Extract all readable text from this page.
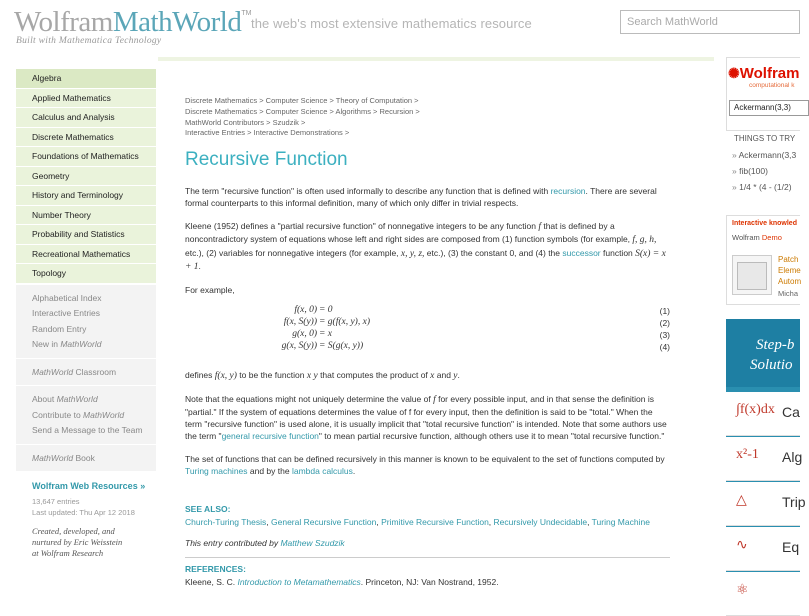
WolframMathWorld™
Built with Mathematica Technology
the web's most extensive mathematics resource	Search MathWorld
Algebra
Applied Mathematics
Calculus and Analysis
Discrete Mathematics
Foundations of Mathematics
Geometry
History and Terminology
Number Theory
Probability and Statistics
Recreational Mathematics
Topology
Alphabetical Index
Interactive Entries
Random Entry
New in MathWorld
MathWorld Classroom
About MathWorld
Contribute to MathWorld
Send a Message to the Team
MathWorld Book
Wolfram Web Resources »
13,647 entries
Last updated: Thu Apr 12 2018
Created, developed, and
nurtured by Eric Weisstein
at Wolfram Research
Discrete Mathematics > Computer Science > Theory of Computation >
Discrete Mathematics > Computer Science > Algorithms > Recursion >
MathWorld Contributors > Szudzik >
Interactive Entries > Interactive Demonstrations >
Recursive Function

The term "recursive function" is often used informally to describe any function that is defined with recursion. There are several formal counterparts to this informal definition, many of which only differ in trivial respects.

Kleene (1952) defines a "partial recursive function" of nonnegative integers to be any function f that is defined by a noncontradictory system of equations whose left and right sides are composed from (1) function symbols (for example, f, g, h, etc.), (2) variables for nonnegative integers (for example, x, y, z, etc.), (3) the constant 0, and (4) the successor function S(x) = x + 1.

For example,

f(x, 0) = 0	(1)
f(x, S(y)) = g(f(x, y), x)	(2)
g(x, 0) = x	(3)
g(x, S(y)) = S(g(x, y))	(4)

defines f(x, y) to be the function x y that computes the product of x and y.

Note that the equations might not uniquely determine the value of f for every possible input, and in that sense the definition is "partial." If the system of equations determines the value of f for every input, then the definition is said to be "total." When the term "recursive function" is used alone, it is usually implicit that "total recursive function" is intended. Note that some authors use the term "general recursive function" to mean partial recursive function, although others use it to mean "total recursive function."

The set of functions that can be defined recursively in this manner is known to be equivalent to the set of functions computed by Turing machines and by the lambda calculus.

SEE ALSO:
Church-Turing Thesis, General Recursive Function, Primitive Recursive Function, Recursively Undecidable, Turing Machine
This entry contributed by Matthew Szudzik
REFERENCES:
Kleene, S. C. Introduction to Metamathematics. Princeton, NJ: Van Nostrand, 1952.
✺Wolfram
computational k
Ackermann(3,3)
THINGS TO TRY
» Ackermann(3,3
» fib(100)
» 1/4 * (4 - (1/2)
Interactive knowled
Wolfram Demo
Patch
Eleme
Autom
Micha
Step-b
Solutio
∫f(x)dx Ca
x²-1 Alg
△	Trip
∿ Eq
⚛
